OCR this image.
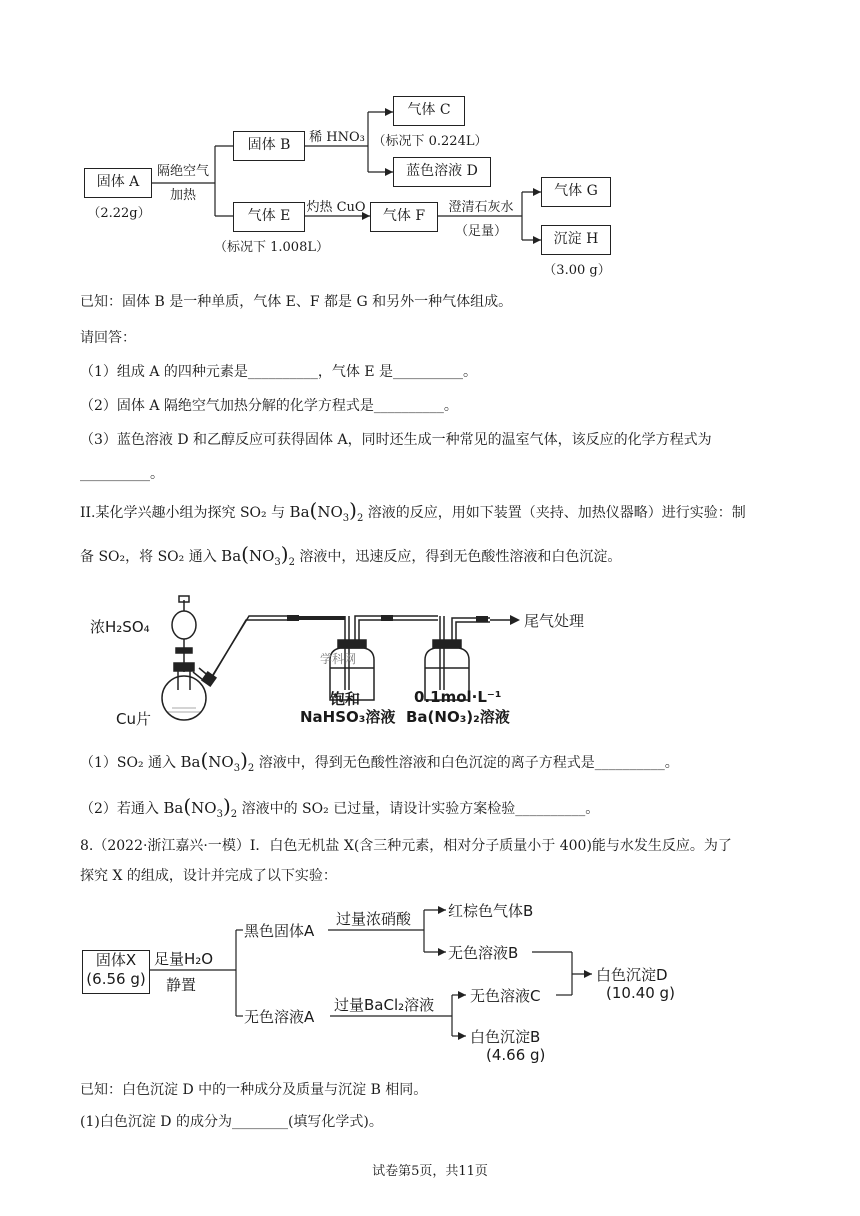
固体 A
（2.22g）
隔绝空气
加热
固体 B	稀 HNO₃
气体 C
（标况下 0.224L）
蓝色溶液 D
气体 E
（标况下 1.008L）
灼热 CuO
气体 F
澄清石灰水
（足量）
气体 G
沉淀 H
（3.00 g）
已知：固体 B 是一种单质，气体 E、F 都是 G 和另外一种气体组成。
请回答：
（1）组成 A 的四种元素是__________，气体 E 是__________。
（2）固体 A 隔绝空气加热分解的化学方程式是__________。
（3）蓝色溶液 D 和乙醇反应可获得固体 A，同时还生成一种常见的温室气体，该反应的化学方程式为
__________。
II.某化学兴趣小组为探究 SO₂ 与 $Ba(NO_3)_2$ 溶液的反应，用如下装置（夹持、加热仪器略）进行实验：制
备 SO₂，将 SO₂ 通入 $Ba(NO_3)_2$ 溶液中，迅速反应，得到无色酸性溶液和白色沉淀。
浓H₂SO₄
Cu片
尾气处理
学科网
饱和
NaHSO₃溶液
0.1mol·L⁻¹
Ba(NO₃)₂溶液
（1）SO₂ 通入 $Ba(NO_3)_2$ 溶液中，得到无色酸性溶液和白色沉淀的离子方程式是__________。
（2）若通入 $Ba(NO_3)_2$ 溶液中的 SO₂ 已过量，请设计实验方案检验__________。
8.（2022·浙江嘉兴·一模）I．白色无机盐 X(含三种元素，相对分子质量小于 400)能与水发生反应。为了
探究 X 的组成，设计并完成了以下实验：
固体X
(6.56 g)
足量H₂O
静置
黑色固体A
过量浓硝酸 红棕色气体B
无色溶液B
白色沉淀D
(10.40 g)
无色溶液A
过量BaCl₂溶液 无色溶液C
白色沉淀B
(4.66 g)
已知：白色沉淀 D 中的一种成分及质量与沉淀 B 相同。
(1)白色沉淀 D 的成分为________(填写化学式)。
试卷第5页，共11页
